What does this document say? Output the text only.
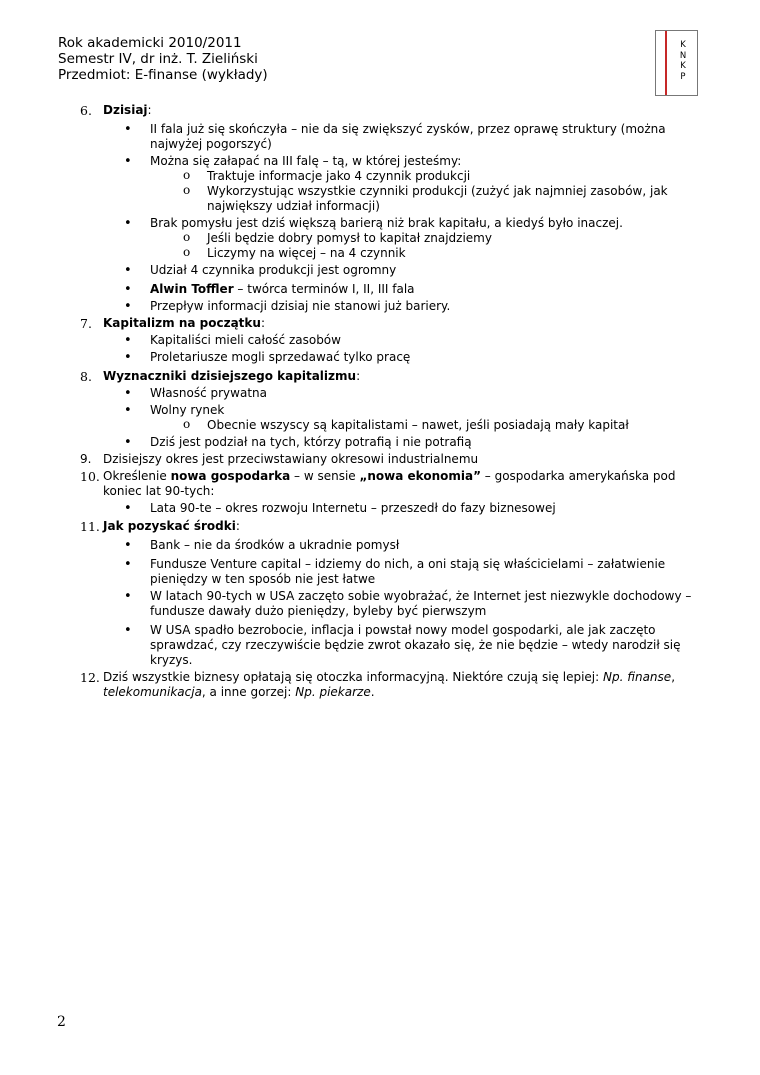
Rok akademicki 2010/2011
Semestr IV, dr inż. T. Zieliński
Przedmiot: E-finanse (wykłady)
K
N
K
P
6. Dzisiaj:
• II fala już się skończyła – nie da się zwiększyć zysków, przez oprawę struktury (można najwyżej pogorszyć)
• Można się załapać na III falę – tą, w której jesteśmy:
o Traktuje informacje jako 4 czynnik produkcji
o Wykorzystując wszystkie czynniki produkcji (zużyć jak najmniej zasobów, jak największy udział informacji)
• Brak pomysłu jest dziś większą barierą niż brak kapitału, a kiedyś było inaczej.
o Jeśli będzie dobry pomysł to kapitał znajdziemy
o Liczymy na więcej – na 4 czynnik
• Udział 4 czynnika produkcji jest ogromny
• Alwin Toffler – twórca terminów I, II, III fala
• Przepływ informacji dzisiaj nie stanowi już bariery.
7. Kapitalizm na początku:
• Kapitaliści mieli całość zasobów
• Proletariusze mogli sprzedawać tylko pracę
8. Wyznaczniki dzisiejszego kapitalizmu:
• Własność prywatna
• Wolny rynek
o Obecnie wszyscy są kapitalistami – nawet, jeśli posiadają mały kapitał
• Dziś jest podział na tych, którzy potrafią i nie potrafią
9. Dzisiejszy okres jest przeciwstawiany okresowi industrialnemu
10. Określenie nowa gospodarka – w sensie „nowa ekonomia” – gospodarka amerykańska pod koniec lat 90-tych:
• Lata 90-te – okres rozwoju Internetu – przeszedł do fazy biznesowej
11. Jak pozyskać środki:
• Bank – nie da środków a ukradnie pomysł
• Fundusze Venture capital – idziemy do nich, a oni stają się właścicielami – załatwienie pieniędzy w ten sposób nie jest łatwe
• W latach 90-tych w USA zaczęto sobie wyobrażać, że Internet jest niezwykle dochodowy – fundusze dawały dużo pieniędzy, byleby być pierwszym
• W USA spadło bezrobocie, inflacja i powstał nowy model gospodarki, ale jak zaczęto sprawdzać, czy rzeczywiście będzie zwrot okazało się, że nie będzie – wtedy narodził się kryzys.
12. Dziś wszystkie biznesy opłatają się otoczka informacyjną. Niektóre czują się lepiej: Np. finanse, telekomunikacja, a inne gorzej: Np. piekarze.
2
